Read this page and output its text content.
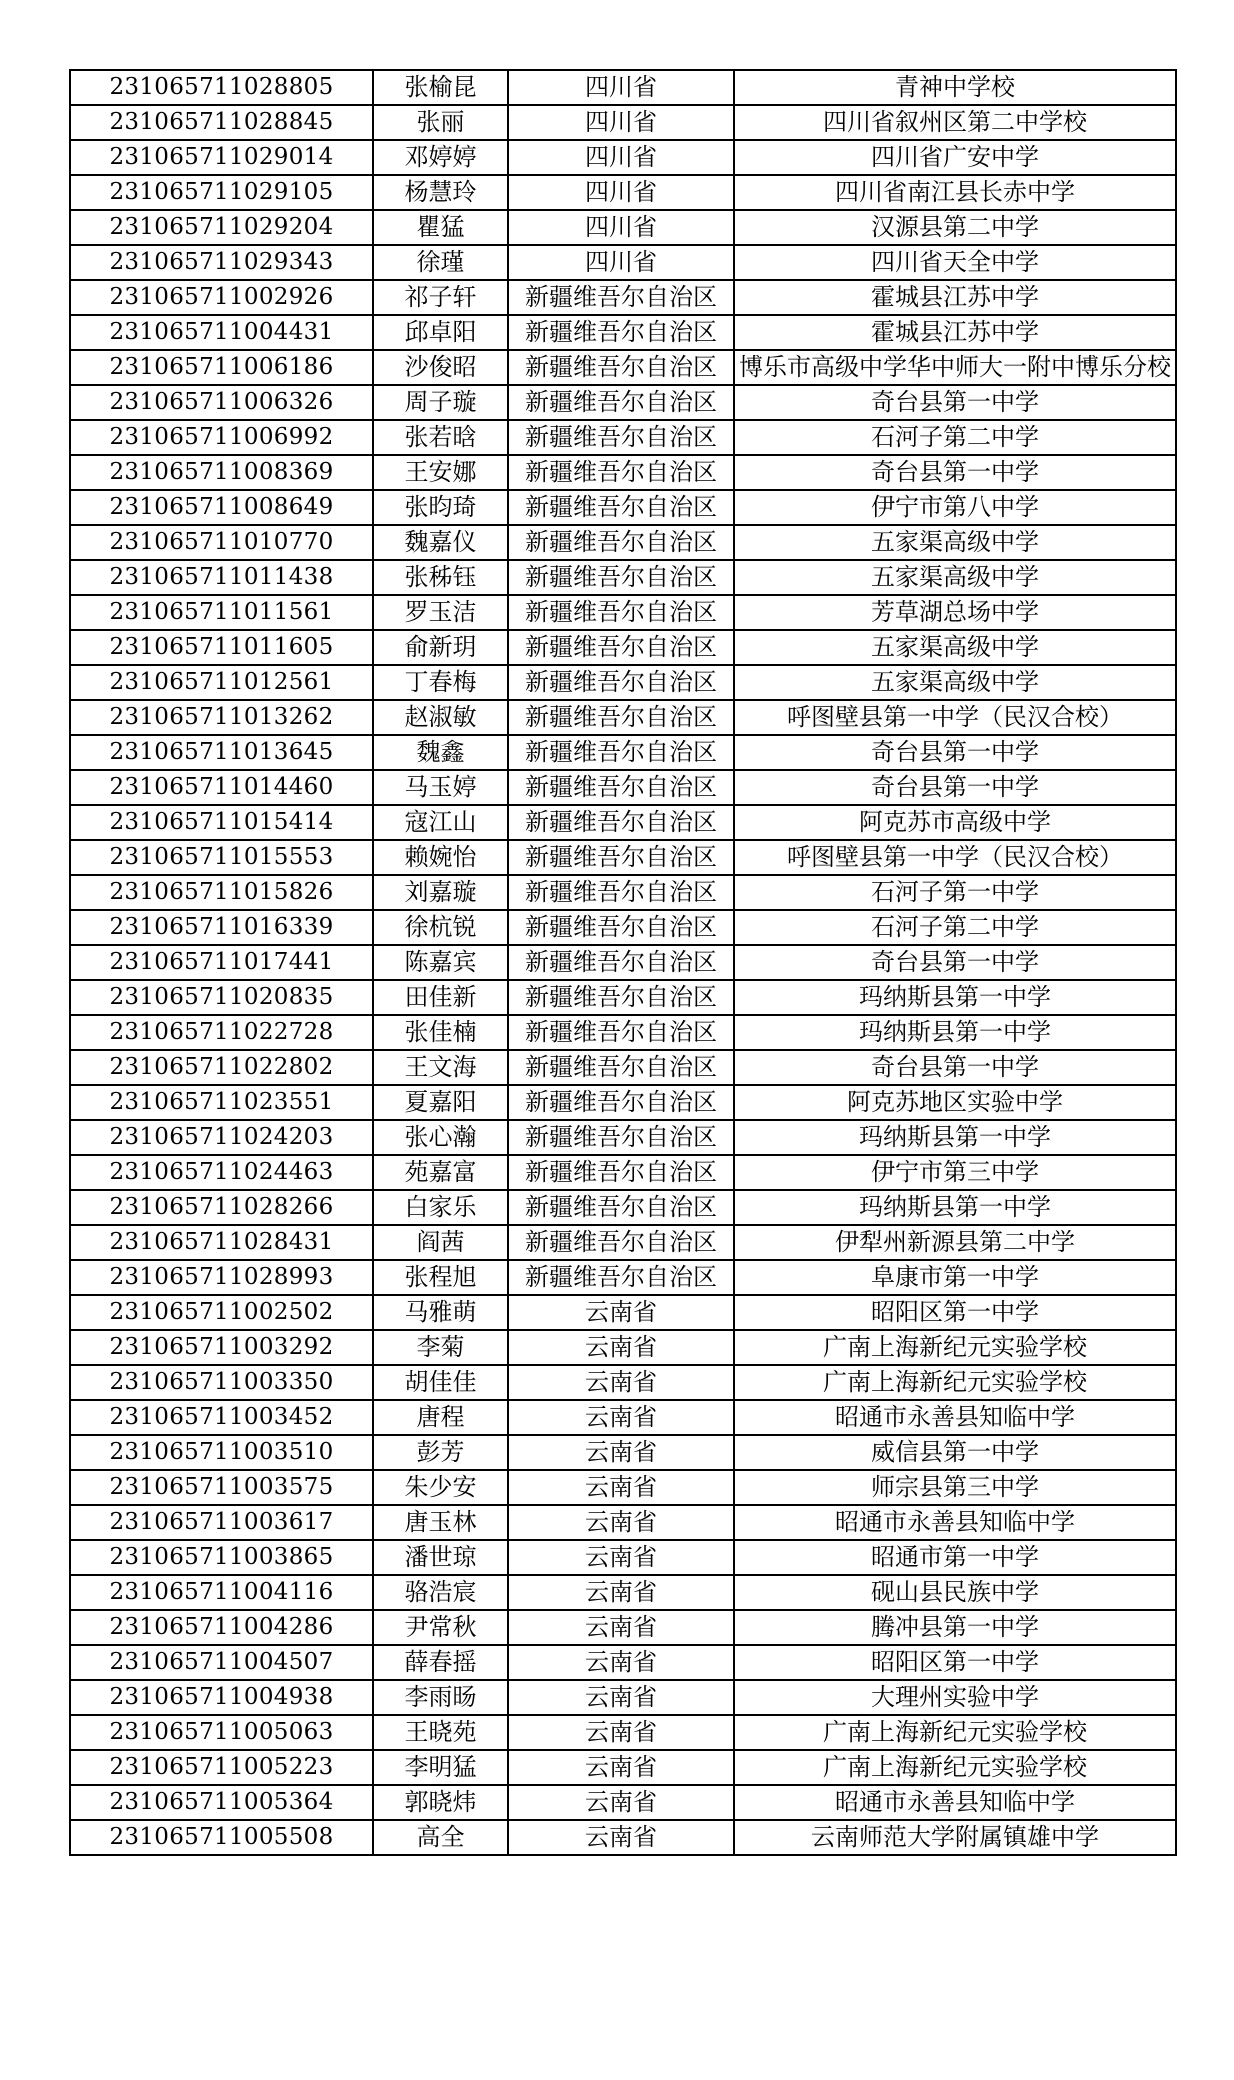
231065711028805	张榆昆	四川省	青神中学校
231065711028845	张丽	四川省	四川省叙州区第二中学校
231065711029014	邓婷婷	四川省	四川省广安中学
231065711029105	杨慧玲	四川省	四川省南江县长赤中学
231065711029204	瞿猛	四川省	汉源县第二中学
231065711029343	徐瑾	四川省	四川省天全中学
231065711002926	祁子轩	新疆维吾尔自治区	霍城县江苏中学
231065711004431	邱卓阳	新疆维吾尔自治区	霍城县江苏中学
231065711006186	沙俊昭	新疆维吾尔自治区	博乐市高级中学华中师大一附中博乐分校
231065711006326	周子璇	新疆维吾尔自治区	奇台县第一中学
231065711006992	张若晗	新疆维吾尔自治区	石河子第二中学
231065711008369	王安娜	新疆维吾尔自治区	奇台县第一中学
231065711008649	张昀琦	新疆维吾尔自治区	伊宁市第八中学
231065711010770	魏嘉仪	新疆维吾尔自治区	五家渠高级中学
231065711011438	张秭钰	新疆维吾尔自治区	五家渠高级中学
231065711011561	罗玉洁	新疆维吾尔自治区	芳草湖总场中学
231065711011605	俞新玥	新疆维吾尔自治区	五家渠高级中学
231065711012561	丁春梅	新疆维吾尔自治区	五家渠高级中学
231065711013262	赵淑敏	新疆维吾尔自治区	呼图壁县第一中学（民汉合校）
231065711013645	魏鑫	新疆维吾尔自治区	奇台县第一中学
231065711014460	马玉婷	新疆维吾尔自治区	奇台县第一中学
231065711015414	寇江山	新疆维吾尔自治区	阿克苏市高级中学
231065711015553	赖婉怡	新疆维吾尔自治区	呼图壁县第一中学（民汉合校）
231065711015826	刘嘉璇	新疆维吾尔自治区	石河子第一中学
231065711016339	徐杭锐	新疆维吾尔自治区	石河子第二中学
231065711017441	陈嘉宾	新疆维吾尔自治区	奇台县第一中学
231065711020835	田佳新	新疆维吾尔自治区	玛纳斯县第一中学
231065711022728	张佳楠	新疆维吾尔自治区	玛纳斯县第一中学
231065711022802	王文海	新疆维吾尔自治区	奇台县第一中学
231065711023551	夏嘉阳	新疆维吾尔自治区	阿克苏地区实验中学
231065711024203	张心瀚	新疆维吾尔自治区	玛纳斯县第一中学
231065711024463	苑嘉富	新疆维吾尔自治区	伊宁市第三中学
231065711028266	白家乐	新疆维吾尔自治区	玛纳斯县第一中学
231065711028431	阎茜	新疆维吾尔自治区	伊犁州新源县第二中学
231065711028993	张程旭	新疆维吾尔自治区	阜康市第一中学
231065711002502	马雅萌	云南省	昭阳区第一中学
231065711003292	李菊	云南省	广南上海新纪元实验学校
231065711003350	胡佳佳	云南省	广南上海新纪元实验学校
231065711003452	唐程	云南省	昭通市永善县知临中学
231065711003510	彭芳	云南省	威信县第一中学
231065711003575	朱少安	云南省	师宗县第三中学
231065711003617	唐玉林	云南省	昭通市永善县知临中学
231065711003865	潘世琼	云南省	昭通市第一中学
231065711004116	骆浩宸	云南省	砚山县民族中学
231065711004286	尹常秋	云南省	腾冲县第一中学
231065711004507	薛春摇	云南省	昭阳区第一中学
231065711004938	李雨旸	云南省	大理州实验中学
231065711005063	王晓苑	云南省	广南上海新纪元实验学校
231065711005223	李明猛	云南省	广南上海新纪元实验学校
231065711005364	郭晓炜	云南省	昭通市永善县知临中学
231065711005508	高全	云南省	云南师范大学附属镇雄中学
